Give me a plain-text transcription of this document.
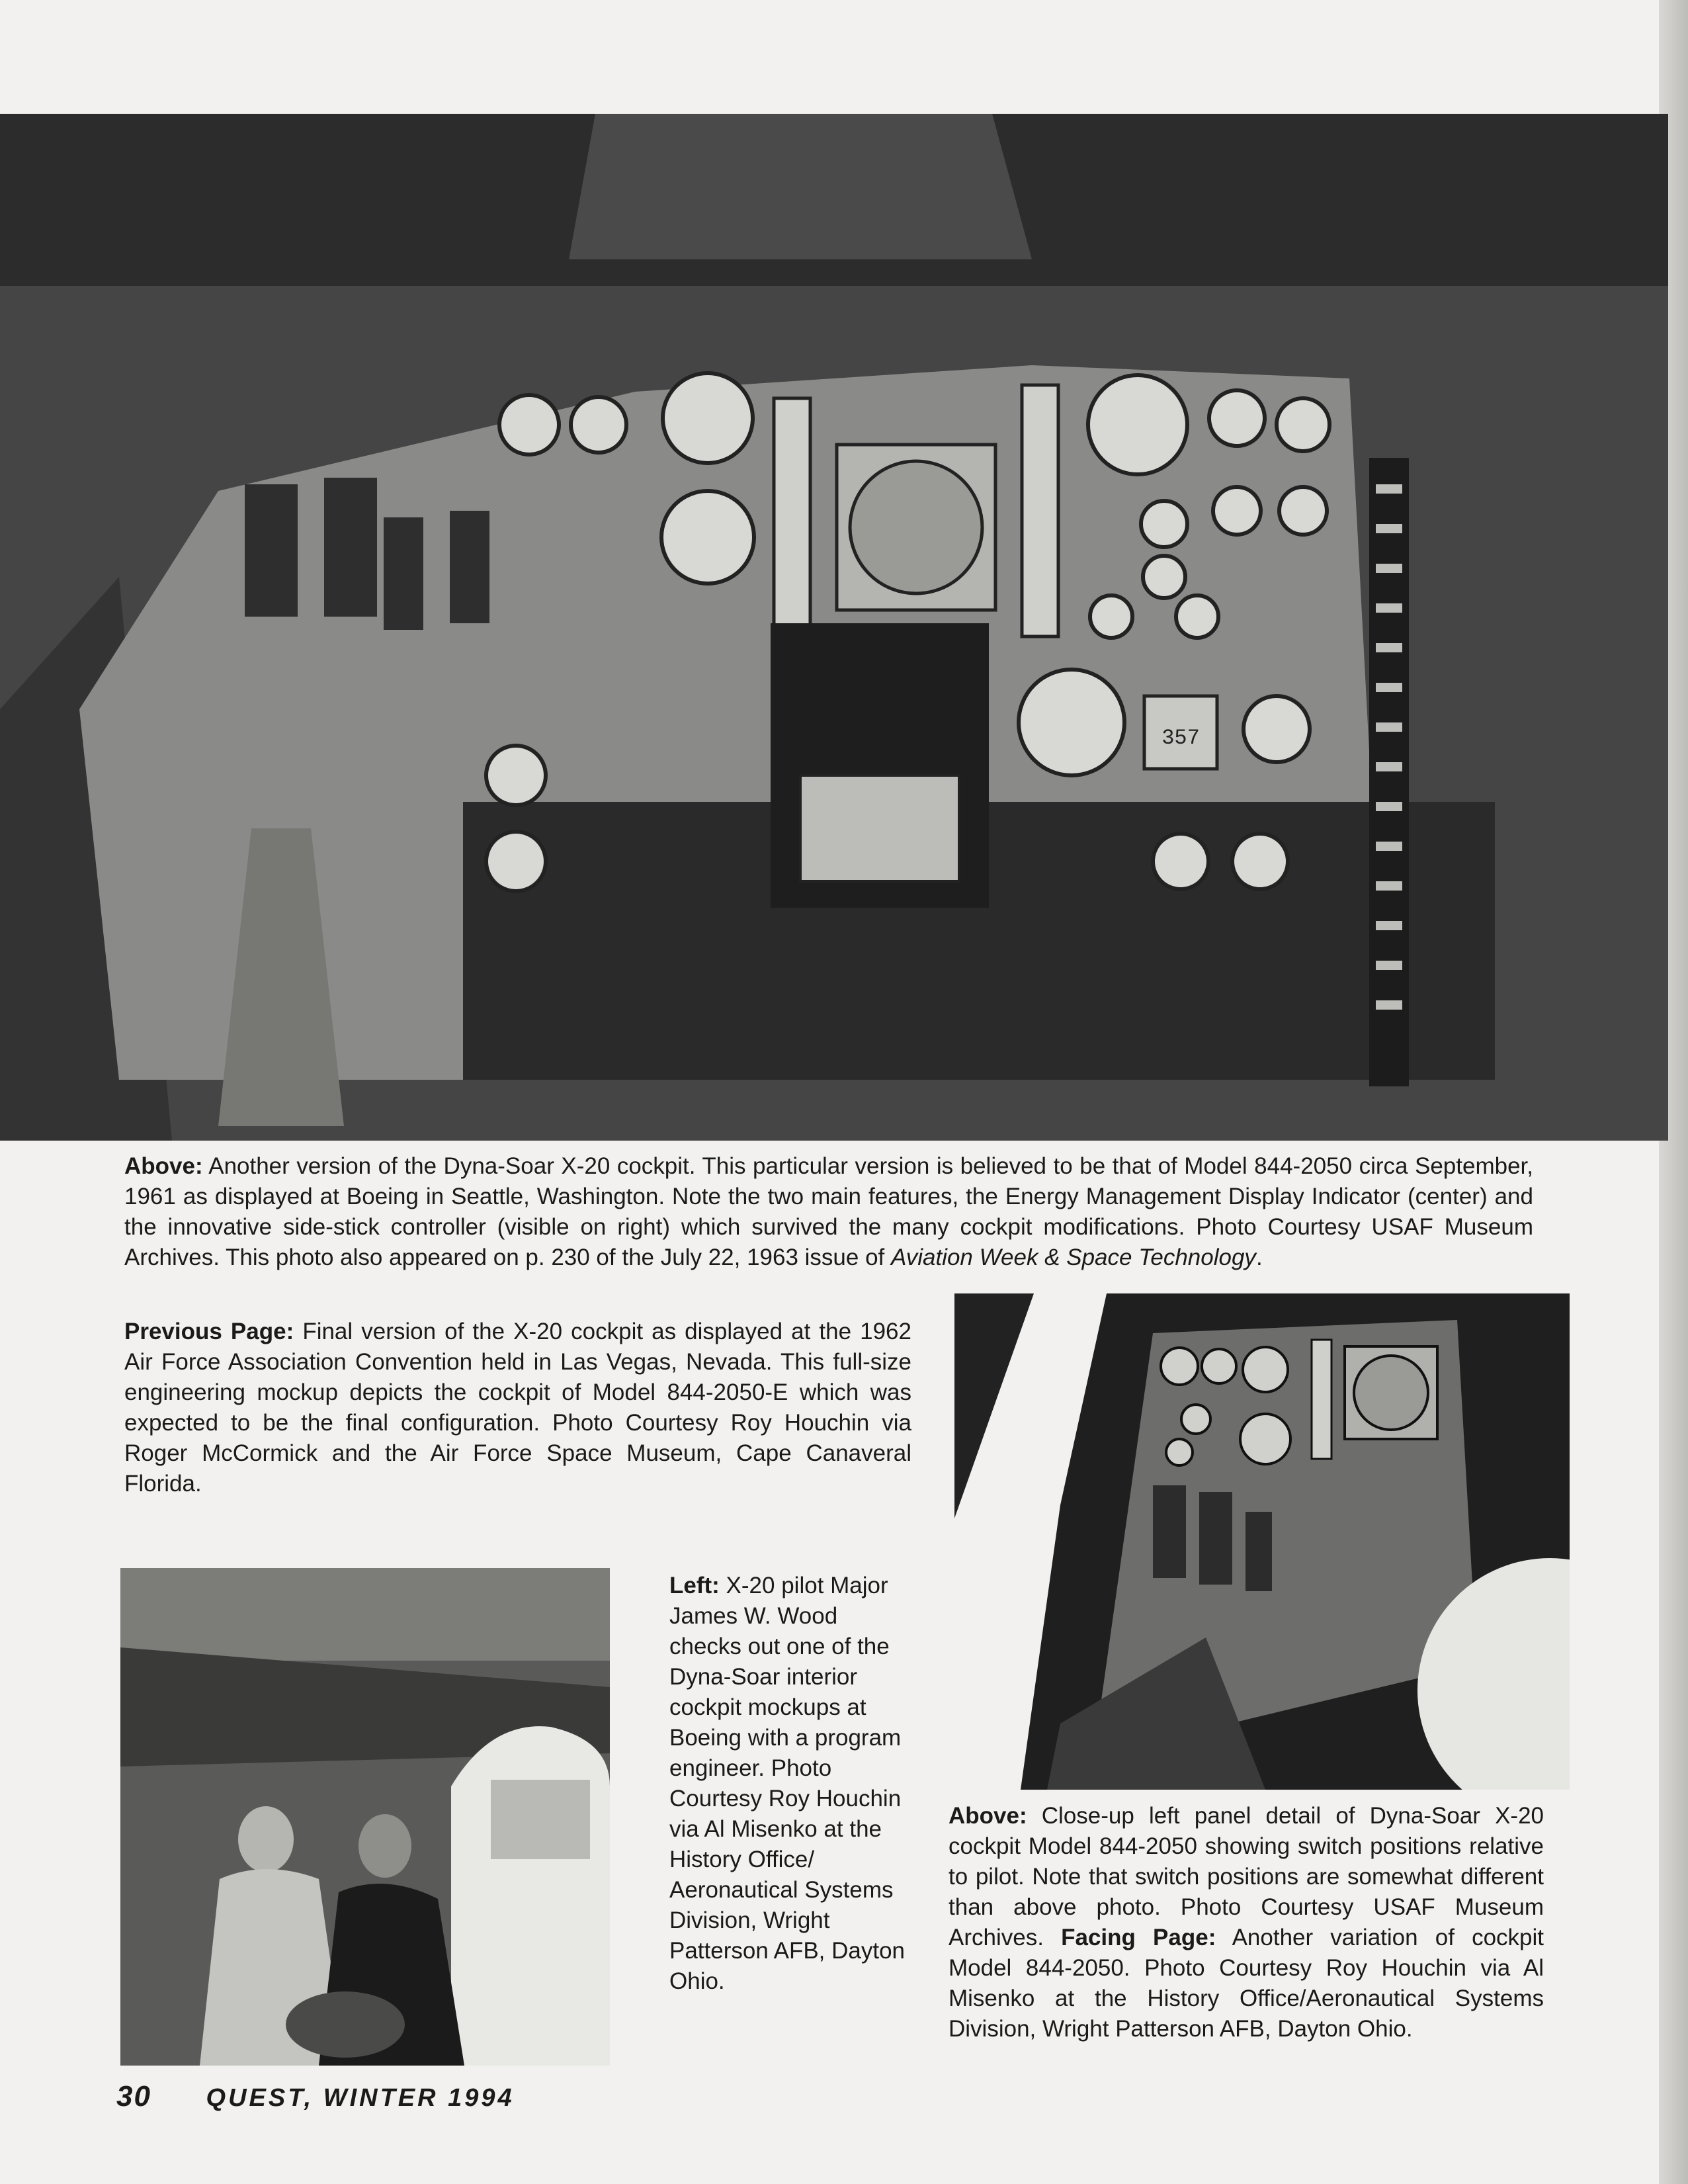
357

Above: Another version of the Dyna-Soar X-20 cockpit. This particular version is believed to be that of Model 844-2050 circa September, 1961 as displayed at Boeing in Seattle, Washington. Note the two main features, the Energy Management Display Indicator (center) and the innovative side-stick controller (visible on right) which survived the many cockpit modifications. Photo Courtesy USAF Museum Archives. This photo also appeared on p. 230 of the July 22, 1963 issue of Aviation Week & Space Technology.

Previous Page: Final version of the X-20 cockpit as displayed at the 1962 Air Force Association Convention held in Las Vegas, Nevada. This full-size engineering mockup depicts the cockpit of Model 844-2050-E which was expected to be the final configuration. Photo Courtesy Roy Houchin via Roger McCormick and the Air Force Space Museum, Cape Canaveral Florida.

Above: Close-up left panel detail of Dyna-Soar X-20 cockpit Model 844-2050 showing switch positions relative to pilot. Note that switch positions are somewhat different than above photo. Photo Courtesy USAF Museum Archives. Facing Page: Another variation of cockpit Model 844-2050. Photo Courtesy Roy Houchin via Al Misenko at the History Office/Aeronautical Systems Division, Wright Patterson AFB, Dayton Ohio.

Left: X-20 pilot Major James W. Wood checks out one of the Dyna-Soar interior cockpit mockups at Boeing with a program engineer. Photo Courtesy Roy Houchin via Al Misenko at the History Office/ Aeronautical Systems Division, Wright Patterson AFB, Dayton Ohio.

30 QUEST, WINTER 1994
